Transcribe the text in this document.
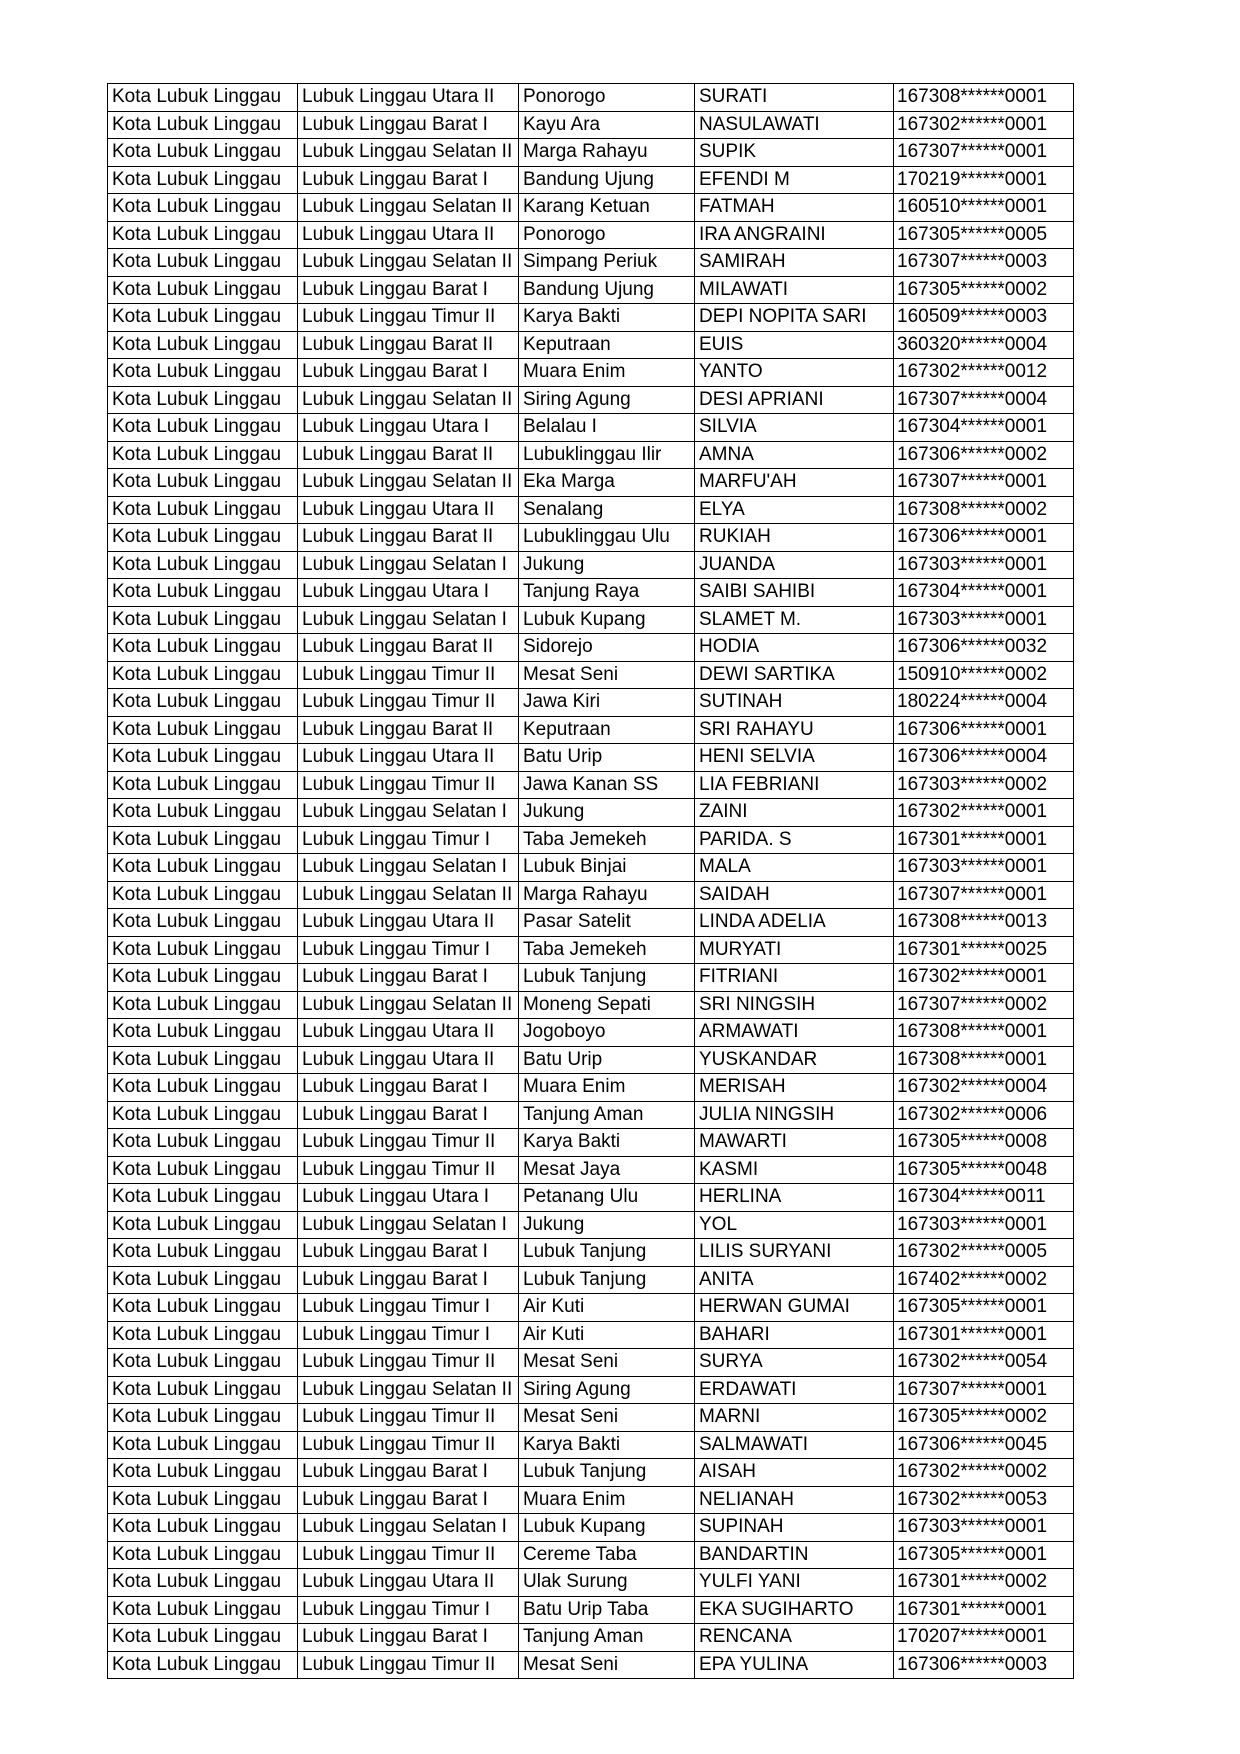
Kota Lubuk Linggau	Lubuk Linggau Utara II	Ponorogo	SURATI	167308******0001
Kota Lubuk Linggau	Lubuk Linggau Barat I	Kayu Ara	NASULAWATI	167302******0001
Kota Lubuk Linggau	Lubuk Linggau Selatan II	Marga Rahayu	SUPIK	167307******0001
Kota Lubuk Linggau	Lubuk Linggau Barat I	Bandung Ujung	EFENDI M	170219******0001
Kota Lubuk Linggau	Lubuk Linggau Selatan II	Karang Ketuan	FATMAH	160510******0001
Kota Lubuk Linggau	Lubuk Linggau Utara II	Ponorogo	IRA ANGRAINI	167305******0005
Kota Lubuk Linggau	Lubuk Linggau Selatan II	Simpang Periuk	SAMIRAH	167307******0003
Kota Lubuk Linggau	Lubuk Linggau Barat I	Bandung Ujung	MILAWATI	167305******0002
Kota Lubuk Linggau	Lubuk Linggau Timur II	Karya Bakti	DEPI NOPITA SARI	160509******0003
Kota Lubuk Linggau	Lubuk Linggau Barat II	Keputraan	EUIS	360320******0004
Kota Lubuk Linggau	Lubuk Linggau Barat I	Muara Enim	YANTO	167302******0012
Kota Lubuk Linggau	Lubuk Linggau Selatan II	Siring Agung	DESI APRIANI	167307******0004
Kota Lubuk Linggau	Lubuk Linggau Utara I	Belalau I	SILVIA	167304******0001
Kota Lubuk Linggau	Lubuk Linggau Barat II	Lubuklinggau Ilir	AMNA	167306******0002
Kota Lubuk Linggau	Lubuk Linggau Selatan II	Eka Marga	MARFU'AH	167307******0001
Kota Lubuk Linggau	Lubuk Linggau Utara II	Senalang	ELYA	167308******0002
Kota Lubuk Linggau	Lubuk Linggau Barat II	Lubuklinggau Ulu	RUKIAH	167306******0001
Kota Lubuk Linggau	Lubuk Linggau Selatan I	Jukung	JUANDA	167303******0001
Kota Lubuk Linggau	Lubuk Linggau Utara I	Tanjung Raya	SAIBI SAHIBI	167304******0001
Kota Lubuk Linggau	Lubuk Linggau Selatan I	Lubuk Kupang	SLAMET M.	167303******0001
Kota Lubuk Linggau	Lubuk Linggau Barat II	Sidorejo	HODIA	167306******0032
Kota Lubuk Linggau	Lubuk Linggau Timur II	Mesat Seni	DEWI SARTIKA	150910******0002
Kota Lubuk Linggau	Lubuk Linggau Timur II	Jawa Kiri	SUTINAH	180224******0004
Kota Lubuk Linggau	Lubuk Linggau Barat II	Keputraan	SRI RAHAYU	167306******0001
Kota Lubuk Linggau	Lubuk Linggau Utara II	Batu Urip	HENI SELVIA	167306******0004
Kota Lubuk Linggau	Lubuk Linggau Timur II	Jawa Kanan SS	LIA FEBRIANI	167303******0002
Kota Lubuk Linggau	Lubuk Linggau Selatan I	Jukung	ZAINI	167302******0001
Kota Lubuk Linggau	Lubuk Linggau Timur I	Taba Jemekeh	PARIDA. S	167301******0001
Kota Lubuk Linggau	Lubuk Linggau Selatan I	Lubuk Binjai	MALA	167303******0001
Kota Lubuk Linggau	Lubuk Linggau Selatan II	Marga Rahayu	SAIDAH	167307******0001
Kota Lubuk Linggau	Lubuk Linggau Utara II	Pasar Satelit	LINDA ADELIA	167308******0013
Kota Lubuk Linggau	Lubuk Linggau Timur I	Taba Jemekeh	MURYATI	167301******0025
Kota Lubuk Linggau	Lubuk Linggau Barat I	Lubuk Tanjung	FITRIANI	167302******0001
Kota Lubuk Linggau	Lubuk Linggau Selatan II	Moneng Sepati	SRI NINGSIH	167307******0002
Kota Lubuk Linggau	Lubuk Linggau Utara II	Jogoboyo	ARMAWATI	167308******0001
Kota Lubuk Linggau	Lubuk Linggau Utara II	Batu Urip	YUSKANDAR	167308******0001
Kota Lubuk Linggau	Lubuk Linggau Barat I	Muara Enim	MERISAH	167302******0004
Kota Lubuk Linggau	Lubuk Linggau Barat I	Tanjung Aman	JULIA NINGSIH	167302******0006
Kota Lubuk Linggau	Lubuk Linggau Timur II	Karya Bakti	MAWARTI	167305******0008
Kota Lubuk Linggau	Lubuk Linggau Timur II	Mesat Jaya	KASMI	167305******0048
Kota Lubuk Linggau	Lubuk Linggau Utara I	Petanang Ulu	HERLINA	167304******0011
Kota Lubuk Linggau	Lubuk Linggau Selatan I	Jukung	YOL	167303******0001
Kota Lubuk Linggau	Lubuk Linggau Barat I	Lubuk Tanjung	LILIS SURYANI	167302******0005
Kota Lubuk Linggau	Lubuk Linggau Barat I	Lubuk Tanjung	ANITA	167402******0002
Kota Lubuk Linggau	Lubuk Linggau Timur I	Air Kuti	HERWAN GUMAI	167305******0001
Kota Lubuk Linggau	Lubuk Linggau Timur I	Air Kuti	BAHARI	167301******0001
Kota Lubuk Linggau	Lubuk Linggau Timur II	Mesat Seni	SURYA	167302******0054
Kota Lubuk Linggau	Lubuk Linggau Selatan II	Siring Agung	ERDAWATI	167307******0001
Kota Lubuk Linggau	Lubuk Linggau Timur II	Mesat Seni	MARNI	167305******0002
Kota Lubuk Linggau	Lubuk Linggau Timur II	Karya Bakti	SALMAWATI	167306******0045
Kota Lubuk Linggau	Lubuk Linggau Barat I	Lubuk Tanjung	AISAH	167302******0002
Kota Lubuk Linggau	Lubuk Linggau Barat I	Muara Enim	NELIANAH	167302******0053
Kota Lubuk Linggau	Lubuk Linggau Selatan I	Lubuk Kupang	SUPINAH	167303******0001
Kota Lubuk Linggau	Lubuk Linggau Timur II	Cereme Taba	BANDARTIN	167305******0001
Kota Lubuk Linggau	Lubuk Linggau Utara II	Ulak Surung	YULFI YANI	167301******0002
Kota Lubuk Linggau	Lubuk Linggau Timur I	Batu Urip Taba	EKA SUGIHARTO	167301******0001
Kota Lubuk Linggau	Lubuk Linggau Barat I	Tanjung Aman	RENCANA	170207******0001
Kota Lubuk Linggau	Lubuk Linggau Timur II	Mesat Seni	EPA YULINA	167306******0003
